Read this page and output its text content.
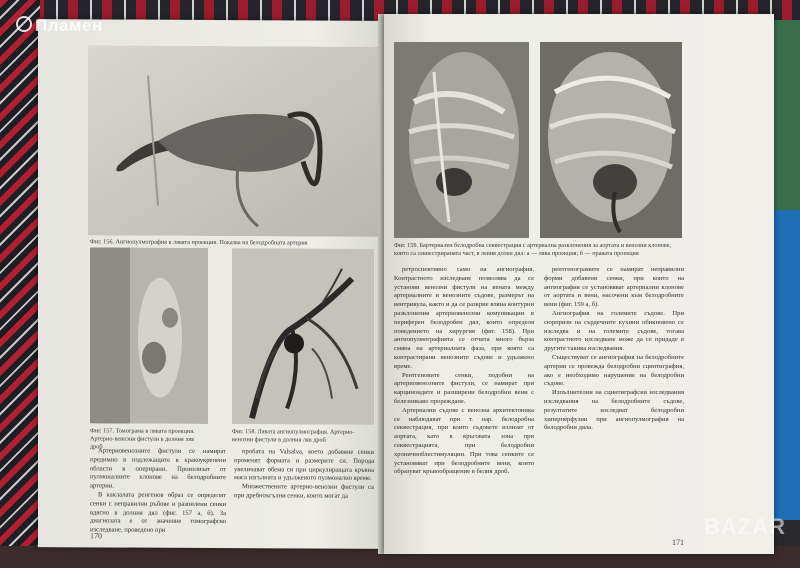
Фиг. 156. Ангиопулмография в лявата проекция. Показва на белодробната артерия
Фиг. 157. Томограма в лявата проекция. Артерио-венозни фистули в долния ляв дроб
Фиг. 158. Лявата ангиопулмография. Артерио-венозни фистули в долния ляв дроб

Артериовенозните фистули се намират предимно в подлежащите в кракоукрепени области в оперирани. Произлизат от пулмоналните клонове на белодробните артерии.

В каклалата ренгенов образ се определят сенки с неправилни ръбове и разпилени сенки вдясно в долния дял (фиг. 157 а, б). За диагнозата е от значение томографско изследване, проведено при

пробата на Valsalva, което добавяне сенки променят формата и размерите си. Порода увеличават обема си при циркулиращата кръвна маса изгълната и удълженото пулмонално време.

Множествените артерио-венозни фистули са при дребноъгълни сенки, които могат да

170
Фиг. 159. Бартериален белодробна секвестрация с артериална разклонения за аортата и венозни клонове, които са секвестрираната част, в левия долен дял: а — лява проекция; б — правата проекция

ретроспективно само на ангиография. Контрастното изследване позволява да се установи венозни фистули на вената между артериалните и венозните съдове, размерът на вентрикула, както и да се разкрие вляна контурни разклонения артериовенозни комуникации в периферен белодробен дял, които определя поведението на хирургия (фиг. 158). При ангиопулмографията се отчита много бърза смяна на артериалната фаза, при която са контрастирани венозните съдове и удължено време.

Рентгеновите сенки, подобни на артериовенозните фистули, се намират при карциноидите и разширени белодробни вени с белезникаво прореждане.

Артериални съдове с венозна архитектоника се наблюдават при т. нар. белодробна секвестрация, при които съдовете излизат от аортата, като в кръговата зона при секвестрацията, при белодробни хроничноблестимуляции. При това сенките се установяват при белодробните вени, които образуват кръвообращение в белия дроб.

рентгенограмите се намират неправилни форми добавени сенки, при които на ангиография се установяват артериални клонове от аортата и вени, насочени към белодробните вени (фиг. 159 а, б).

Ангиография на големите съдове. При сюрпризи на сърдечните кухини обикновено се изследва и на големите съдове, тогава контрастното изследване може да се придаде в другите такива изследвания.

Съществуват се ангиография на белодробните артерии се провежда белодробни сцинтиграфия, ако е необходимо нарушение на белодробни съдове.

Изпълнителни на сцинтиграфски изследвания изследвания на белодробните съдове, резултатите изследват белодробни хиперперфузии при ангиопулмография на белодробни дяла.

171
Пламен
BAZAR
